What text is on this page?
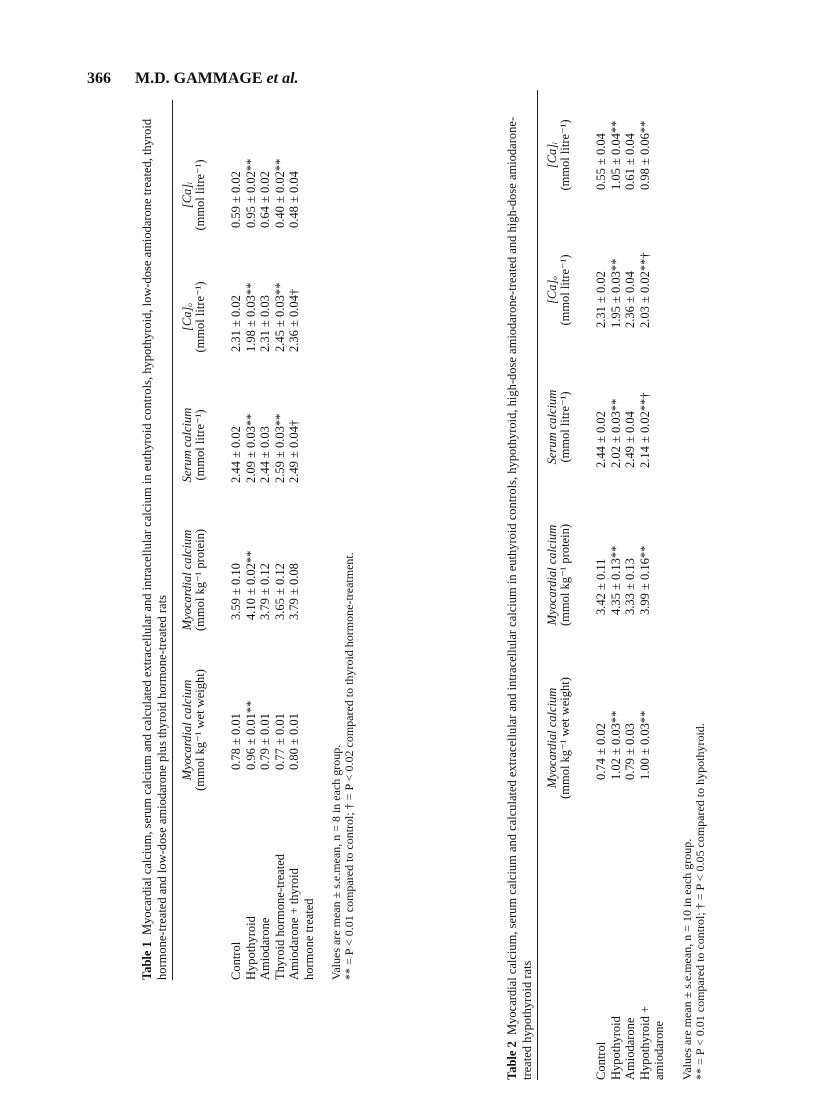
366 M.D. GAMMAGE et al.

Table 1  Myocardial calcium, serum calcium and calculated extracellular and intracellular calcium in euthyroid controls, hypothyroid, low-dose amiodarone treated, thyroid hormone-treated and low-dose amiodarone plus thyroid hormone-treated rats Myocardial calcium
(mmol kg⁻¹ wet weight)
Myocardial calcium
(mmol kg⁻¹ protein)
Serum calcium
(mmol litre⁻¹)
[Ca]ₒ
(mmol litre⁻¹)
[Ca]ᵢ
(mmol litre⁻¹)
Control
0.78 ± 0.01
3.59 ± 0.10
2.44 ± 0.02
2.31 ± 0.02
0.59 ± 0.02
Hypothyroid
0.96 ± 0.01**
4.10 ± 0.02**
2.09 ± 0.03**
1.98 ± 0.03**
0.95 ± 0.02**
Amiodarone
0.79 ± 0.01
3.79 ± 0.12
2.44 ± 0.03
2.31 ± 0.03
0.64 ± 0.02
Thyroid hormone-treated
0.77 ± 0.01
3.65 ± 0.12
2.59 ± 0.03**
2.45 ± 0.03**
0.40 ± 0.02**
Amiodarone + thyroid
0.80 ± 0.01
3.79 ± 0.08
2.49 ± 0.04†
2.36 ± 0.04†
0.48 ± 0.04
hormone treated Values are mean ± s.e.mean, n = 8 in each group. ** = P < 0.01 compared to control; † = P < 0.02 compared to thyroid hormone-treatment.

Table 2  Myocardial calcium, serum calcium and calculated extracellular and intracellular calcium in euthyroid controls, hypothyroid, high-dose amiodarone-treated and high-dose amiodarone-treated hypothyroid rats

Myocardial calcium
(mmol kg⁻¹ wet weight)
Myocardial calcium
(mmol kg⁻¹ protein)
Serum calcium
(mmol litre⁻¹)
[Ca]ₒ
(mmol litre⁻¹)
[Ca]ᵢ
(mmol litre⁻¹)
Control
0.74 ± 0.02
3.42 ± 0.11
2.44 ± 0.02
2.31 ± 0.02
0.55 ± 0.04
Hypothyroid
1.02 ± 0.03**
4.35 ± 0.13**
2.02 ± 0.03**
1.95 ± 0.03**
1.05 ± 0.04**
Amiodarone
0.79 ± 0.03
3.33 ± 0.13
2.49 ± 0.04
2.36 ± 0.04
0.61 ± 0.04
Hypothyroid +
1.00 ± 0.03**
3.99 ± 0.16**
2.14 ± 0.02**†
2.03 ± 0.02**†
0.98 ± 0.06**
amiodarone Values are mean ± s.e.mean, n = 10 in each group. ** = P < 0.01 compared to control; † = P < 0.05 compared to hypothyroid.
